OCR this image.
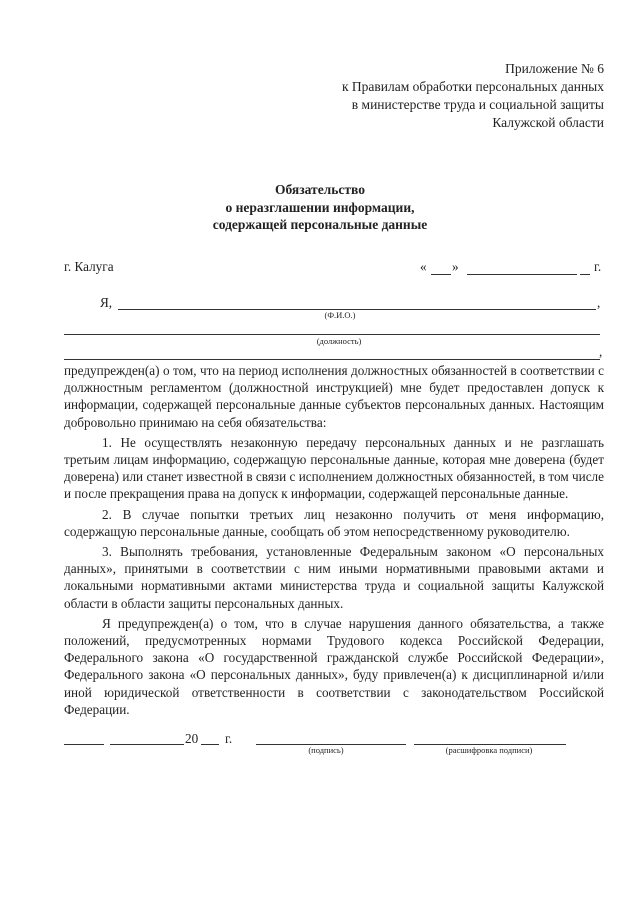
Приложение № 6
к Правилам обработки персональных данных
в министерстве труда и социальной защиты
Калужской области
Обязательство
о неразглашении информации,
содержащей персональные данные
г. Калуга	« »	г.
Я,	,
(Ф.И.О.)
(должность)
,

предупрежден(а) о том, что на период исполнения должностных обязанностей в соответствии с должностным регламентом (должностной инструкцией) мне будет предоставлен допуск к информации, содержащей персональные данные субъектов персональных данных. Настоящим добровольно принимаю на себя обязательства:

1. Не осуществлять незаконную передачу персональных данных и не разглашать третьим лицам информацию, содержащую персональные данные, которая мне доверена (будет доверена) или станет известной в связи с исполнением должностных обязанностей, в том числе и после прекращения права на допуск к информации, содержащей персональные данные.

2. В случае попытки третьих лиц незаконно получить от меня информацию, содержащую персональные данные, сообщать об этом непосредственному руководителю.

3. Выполнять требования, установленные Федеральным законом «О персональных данных», принятыми в соответствии с ним иными нормативными правовыми актами и локальными нормативными актами министерства труда и социальной защиты Калужской области в области защиты персональных данных.

Я предупрежден(а) о том, что в случае нарушения данного обязательства, а также положений, предусмотренных нормами Трудового кодекса Российской Федерации, Федерального закона «О государственной гражданской службе Российской Федерации», Федерального закона «О персональных данных», буду привлечен(а) к дисциплинарной и/или иной юридической ответственности в соответствии с законодательством Российской Федерации.

20 г.
(подпись)	(расшифровка подписи)
